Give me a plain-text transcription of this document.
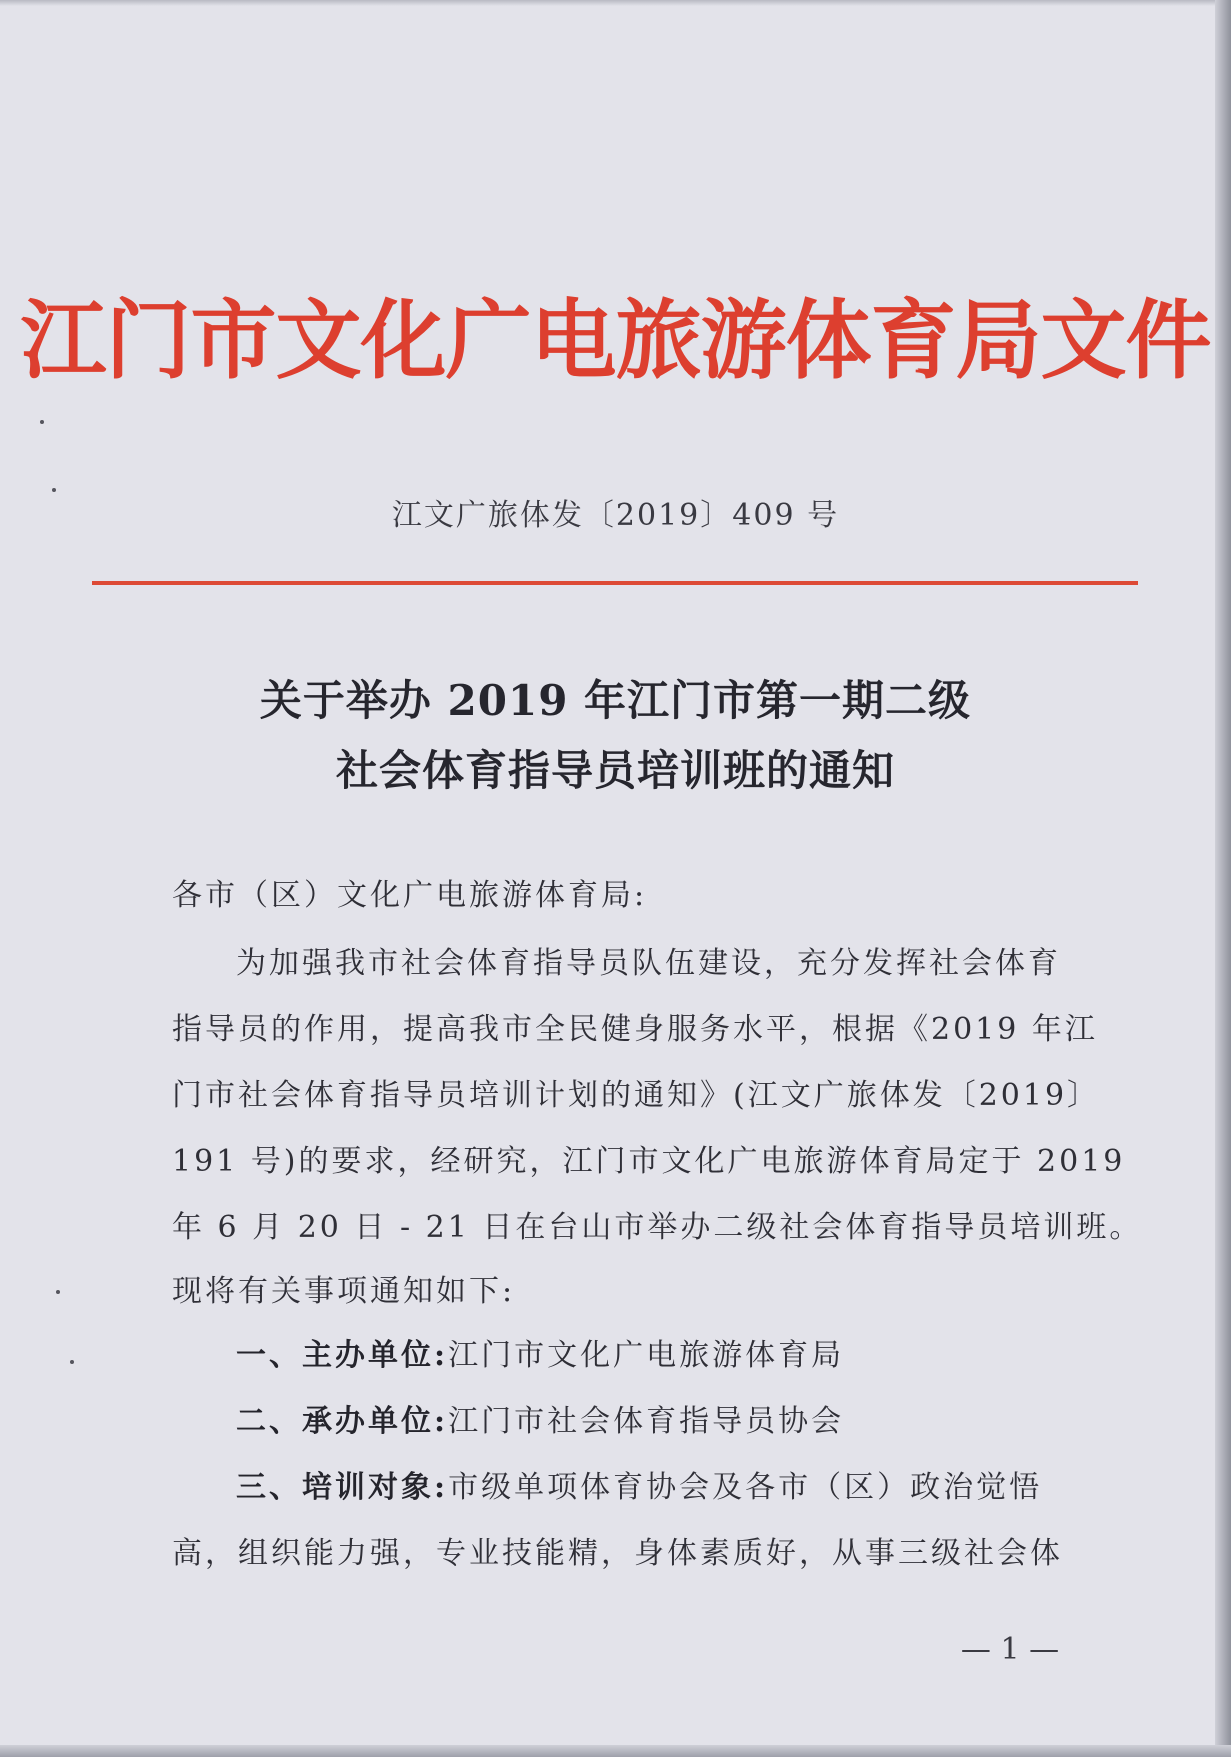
江门市文化广电旅游体育局文件
江文广旅体发〔2019〕409 号
关于举办 2019 年江门市第一期二级
社会体育指导员培训班的通知
各市（区）文化广电旅游体育局:
为加强我市社会体育指导员队伍建设，充分发挥社会体育
指导员的作用，提高我市全民健身服务水平，根据《2019 年江
门市社会体育指导员培训计划的通知》(江文广旅体发〔2019〕
191 号)的要求，经研究，江门市文化广电旅游体育局定于 2019
年 6 月 20 日 - 21 日在台山市举办二级社会体育指导员培训班。
现将有关事项通知如下:
一、主办单位:江门市文化广电旅游体育局
二、承办单位:江门市社会体育指导员协会
三、培训对象:市级单项体育协会及各市（区）政治觉悟
高，组织能力强，专业技能精，身体素质好，从事三级社会体
— 1 —
